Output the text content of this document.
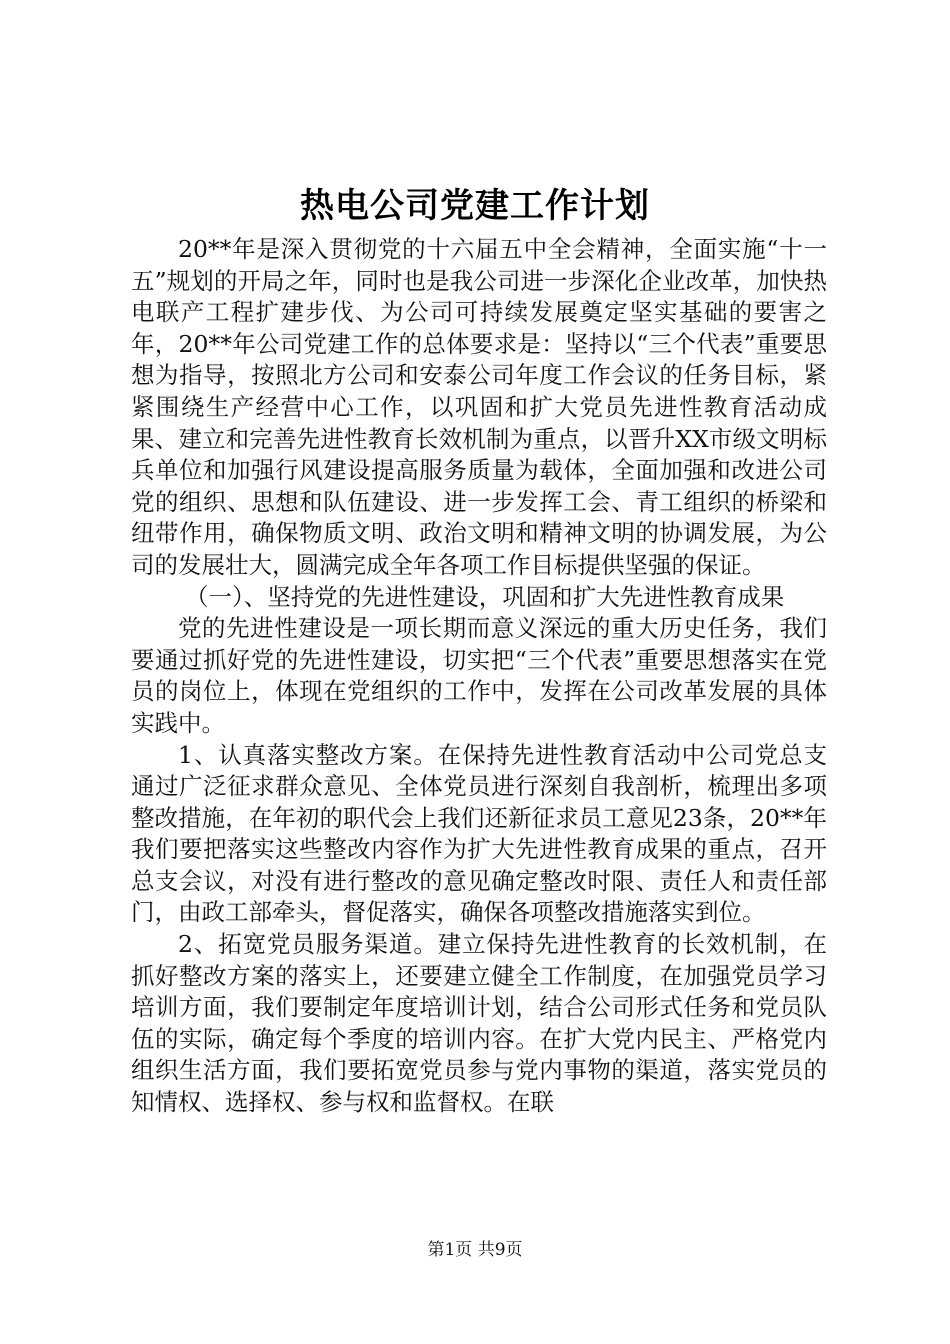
热电公司党建工作计划

20**年是深入贯彻党的十六届五中全会精神，全面实施“十一五”规划的开局之年，同时也是我公司进一步深化企业改革，加快热电联产工程扩建步伐、为公司可持续发展奠定坚实基础的要害之年，20**年公司党建工作的总体要求是：坚持以“三个代表”重要思想为指导，按照北方公司和安泰公司年度工作会议的任务目标，紧紧围绕生产经营中心工作，以巩固和扩大党员先进性教育活动成果、建立和完善先进性教育长效机制为重点，以晋升XX市级文明标兵单位和加强行风建设提高服务质量为载体，全面加强和改进公司党的组织、思想和队伍建设、进一步发挥工会、青工组织的桥梁和纽带作用，确保物质文明、政治文明和精神文明的协调发展，为公司的发展壮大，圆满完成全年各项工作目标提供坚强的保证。

（一）、坚持党的先进性建设，巩固和扩大先进性教育成果

党的先进性建设是一项长期而意义深远的重大历史任务，我们要通过抓好党的先进性建设，切实把“三个代表”重要思想落实在党员的岗位上，体现在党组织的工作中，发挥在公司改革发展的具体实践中。

1、认真落实整改方案。在保持先进性教育活动中公司党总支通过广泛征求群众意见、全体党员进行深刻自我剖析，梳理出多项整改措施，在年初的职代会上我们还新征求员工意见23条，20**年我们要把落实这些整改内容作为扩大先进性教育成果的重点，召开总支会议，对没有进行整改的意见确定整改时限、责任人和责任部门，由政工部牵头，督促落实，确保各项整改措施落实到位。

2、拓宽党员服务渠道。建立保持先进性教育的长效机制，在抓好整改方案的落实上，还要建立健全工作制度，在加强党员学习培训方面，我们要制定年度培训计划，结合公司形式任务和党员队伍的实际，确定每个季度的培训内容。在扩大党内民主、严格党内组织生活方面，我们要拓宽党员参与党内事物的渠道，落实党员的知情权、选择权、参与权和监督权。在联

第1页 共9页
